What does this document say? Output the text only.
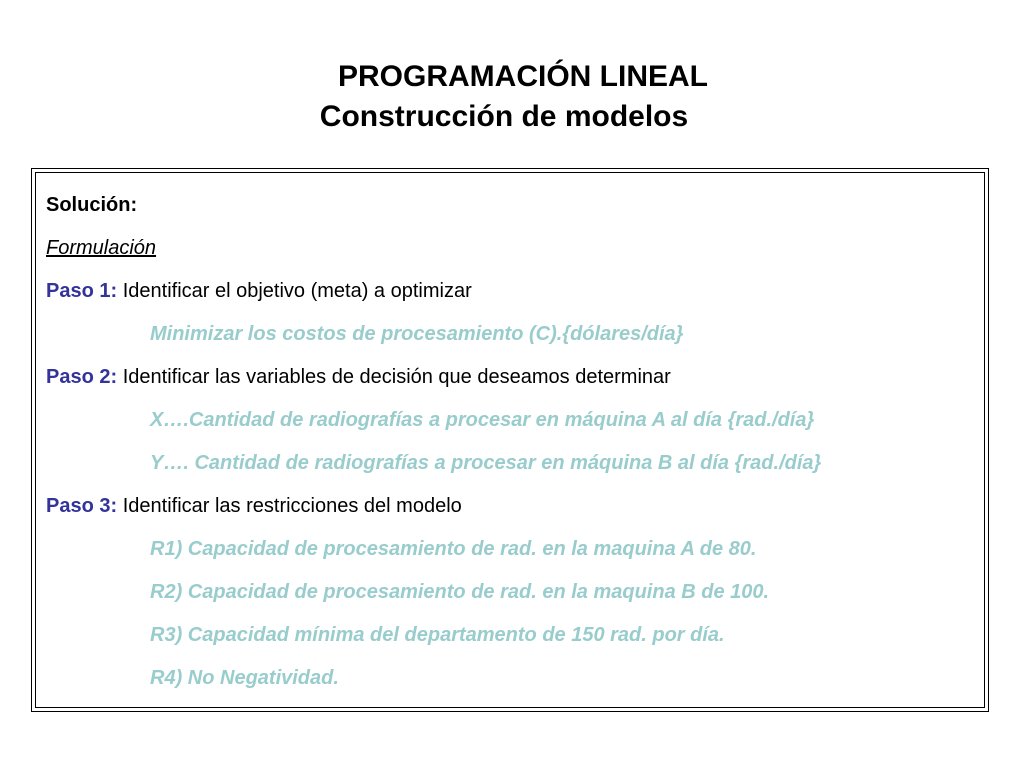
PROGRAMACIÓN LINEAL
Construcción de modelos
Solución:
Formulación
Paso 1: Identificar el objetivo (meta) a optimizar
Minimizar los costos de procesamiento (C).{dólares/día}
Paso 2: Identificar las variables de decisión que deseamos determinar
X….Cantidad de radiografías a procesar en máquina A al día {rad./día}
Y…. Cantidad de radiografías a procesar en máquina B al día {rad./día}
Paso 3: Identificar las restricciones del modelo
R1) Capacidad de procesamiento de rad. en la maquina A de 80.
R2) Capacidad de procesamiento de rad. en la maquina B de 100.
R3) Capacidad mínima del departamento de 150 rad. por día.
R4) No Negatividad.
